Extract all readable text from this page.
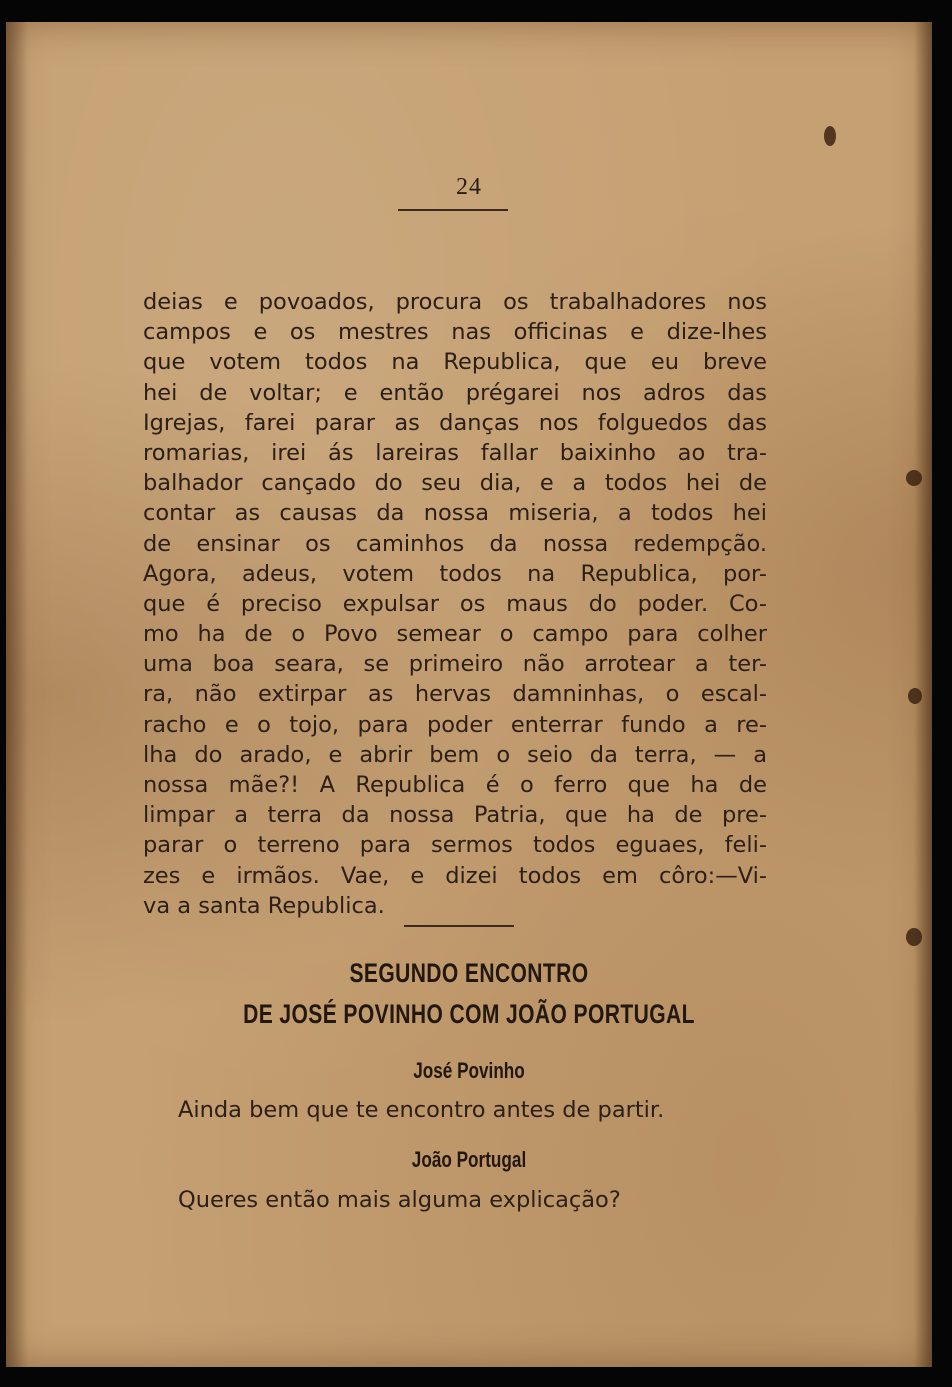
24
deias e povoados, procura os trabalhadores nos
campos e os mestres nas officinas e dize-lhes
que votem todos na Republica, que eu breve
hei de voltar; e então prégarei nos adros das
Igrejas, farei parar as danças nos folguedos das
romarias, irei ás lareiras fallar baixinho ao tra-
balhador cançado do seu dia, e a todos hei de
contar as causas da nossa miseria, a todos hei
de ensinar os caminhos da nossa redempção.
Agora, adeus, votem todos na Republica, por-
que é preciso expulsar os maus do poder. Co-
mo ha de o Povo semear o campo para colher
uma boa seara, se primeiro não arrotear a ter-
ra, não extirpar as hervas damninhas, o escal-
racho e o tojo, para poder enterrar fundo a re-
lha do arado, e abrir bem o seio da terra, — a
nossa mãe?! A Republica é o ferro que ha de
limpar a terra da nossa Patria, que ha de pre-
parar o terreno para sermos todos eguaes, feli-
zes e irmãos. Vae, e dizei todos em côro:—Vi-
va a santa Republica.
SEGUNDO ENCONTRO
DE JOSÉ POVINHO COM JOÃO PORTUGAL
José Povinho
Ainda bem que te encontro antes de partir.
João Portugal
Queres então mais alguma explicação?
